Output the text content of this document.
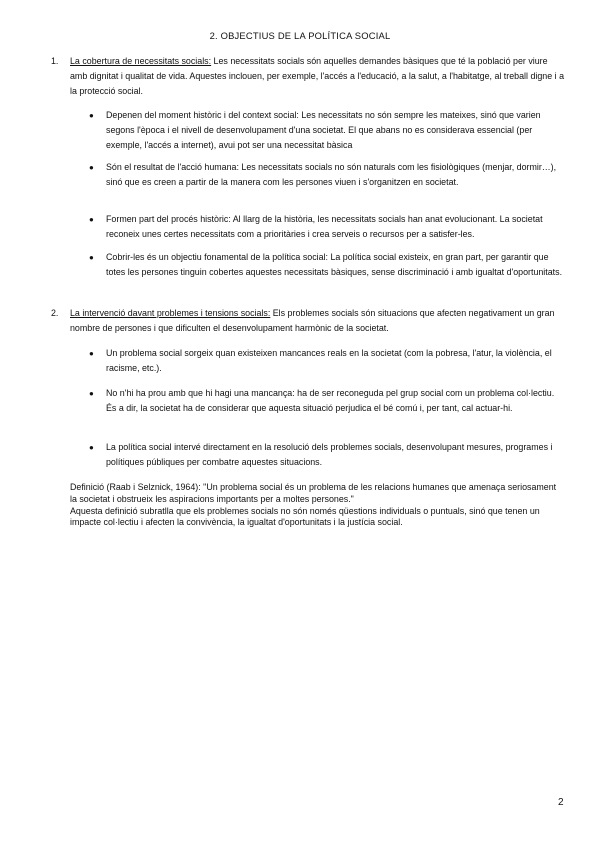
2. OBJECTIUS DE LA POLÍTICA SOCIAL
1. La cobertura de necessitats socials: Les necessitats socials són aquelles demandes bàsiques que té la població per viure amb dignitat i qualitat de vida. Aquestes inclouen, per exemple, l'accés a l'educació, a la salut, a l'habitatge, al treball digne i a la protecció social.
● Depenen del moment històric i del context social: Les necessitats no són sempre les mateixes, sinó que varien segons l'època i el nivell de desenvolupament d'una societat. El que abans no es considerava essencial (per exemple, l'accés a internet), avui pot ser una necessitat bàsica
● Són el resultat de l'acció humana: Les necessitats socials no són naturals com les fisiològiques (menjar, dormir…), sinó que es creen a partir de la manera com les persones viuen i s'organitzen en societat.
● Formen part del procés històric: Al llarg de la història, les necessitats socials han anat evolucionant. La societat reconeix unes certes necessitats com a prioritàries i crea serveis o recursos per a satisfer-les.
● Cobrir-les és un objectiu fonamental de la política social: La política social existeix, en gran part, per garantir que totes les persones tinguin cobertes aquestes necessitats bàsiques, sense discriminació i amb igualtat d'oportunitats.
2. La intervenció davant problemes i tensions socials: Els problemes socials són situacions que afecten negativament un gran nombre de persones i que dificulten el desenvolupament harmònic de la societat.
● Un problema social sorgeix quan existeixen mancances reals en la societat (com la pobresa, l'atur, la violència, el racisme, etc.).
● No n'hi ha prou amb que hi hagi una mancança: ha de ser reconeguda pel grup social com un problema col·lectiu. És a dir, la societat ha de considerar que aquesta situació perjudica el bé comú i, per tant, cal actuar-hi.
● La política social intervé directament en la resolució dels problemes socials, desenvolupant mesures, programes i polítiques públiques per combatre aquestes situacions.
Definició (Raab i Selznick, 1964): "Un problema social és un problema de les relacions humanes que amenaça seriosament la societat i obstrueix les aspiracions importants per a moltes persones."
Aquesta definició subratlla que els problemes socials no són només qüestions individuals o puntuals, sinó que tenen un impacte col·lectiu i afecten la convivència, la igualtat d'oportunitats i la justícia social.
2
